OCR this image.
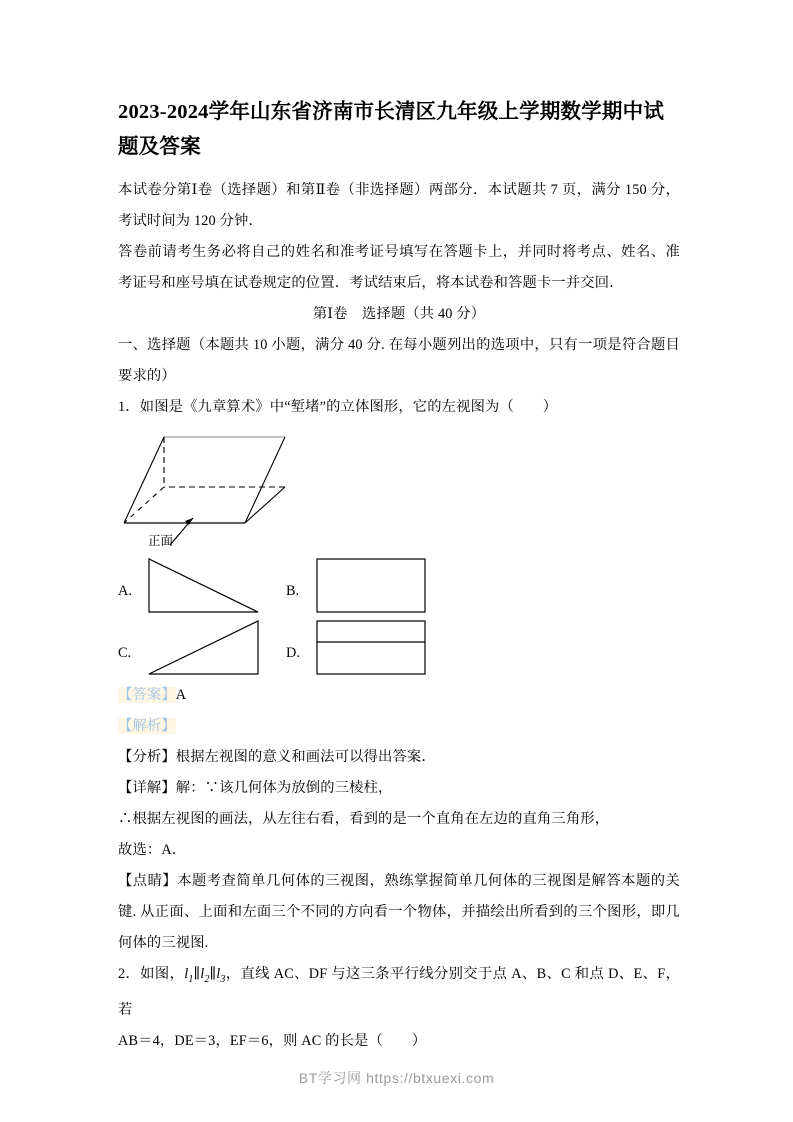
2023-2024学年山东省济南市长清区九年级上学期数学期中试题及答案

本试卷分第Ⅰ卷（选择题）和第Ⅱ卷（非选择题）两部分．本试题共 7 页，满分 150 分，考试时间为 120 分钟．

答卷前请考生务必将自己的姓名和准考证号填写在答题卡上，并同时将考点、姓名、准考证号和座号填在试卷规定的位置．考试结束后，将本试卷和答题卡一并交回．

第Ⅰ卷　选择题（共 40 分）

一、选择题（本题共 10 小题，满分 40 分. 在每小题列出的选项中，只有一项是符合题目要求的）

1．如图是《九章算术》中“堑堵”的立体图形，它的左视图为（　　）

正面
A.	B.
C.	D.

【答案】A

【解析】

【分析】根据左视图的意义和画法可以得出答案．

【详解】解：∵该几何体为放倒的三棱柱，

∴根据左视图的画法，从左往右看，看到的是一个直角在左边的直角三角形，

故选：A．

【点睛】本题考查简单几何体的三视图，熟练掌握简单几何体的三视图是解答本题的关键. 从正面、上面和左面三个不同的方向看一个物体，并描绘出所看到的三个图形，即几何体的三视图.

2．如图，$l_1\parallel l_2\parallel l_3$，直线 AC、DF 与这三条平行线分别交于点 A、B、C 和点 D、E、F，若

AB＝4，DE＝3，EF＝6，则 AC 的长是（　　）

BT学习网 https://btxuexi.com
